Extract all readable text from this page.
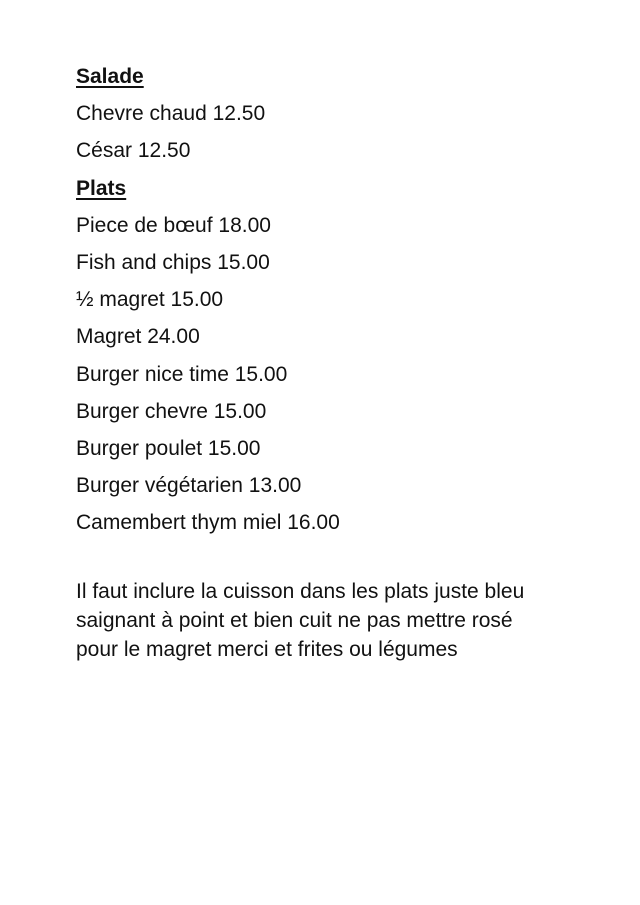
Salade

Chevre chaud 12.50

César 12.50

Plats

Piece de bœuf 18.00

Fish and chips 15.00

½ magret 15.00

Magret 24.00

Burger nice time 15.00

Burger chevre 15.00

Burger poulet 15.00

Burger végétarien 13.00

Camembert thym miel 16.00

Il faut inclure la cuisson dans les plats juste bleu
saignant à point et bien cuit ne pas mettre rosé
pour le magret merci et frites ou légumes
